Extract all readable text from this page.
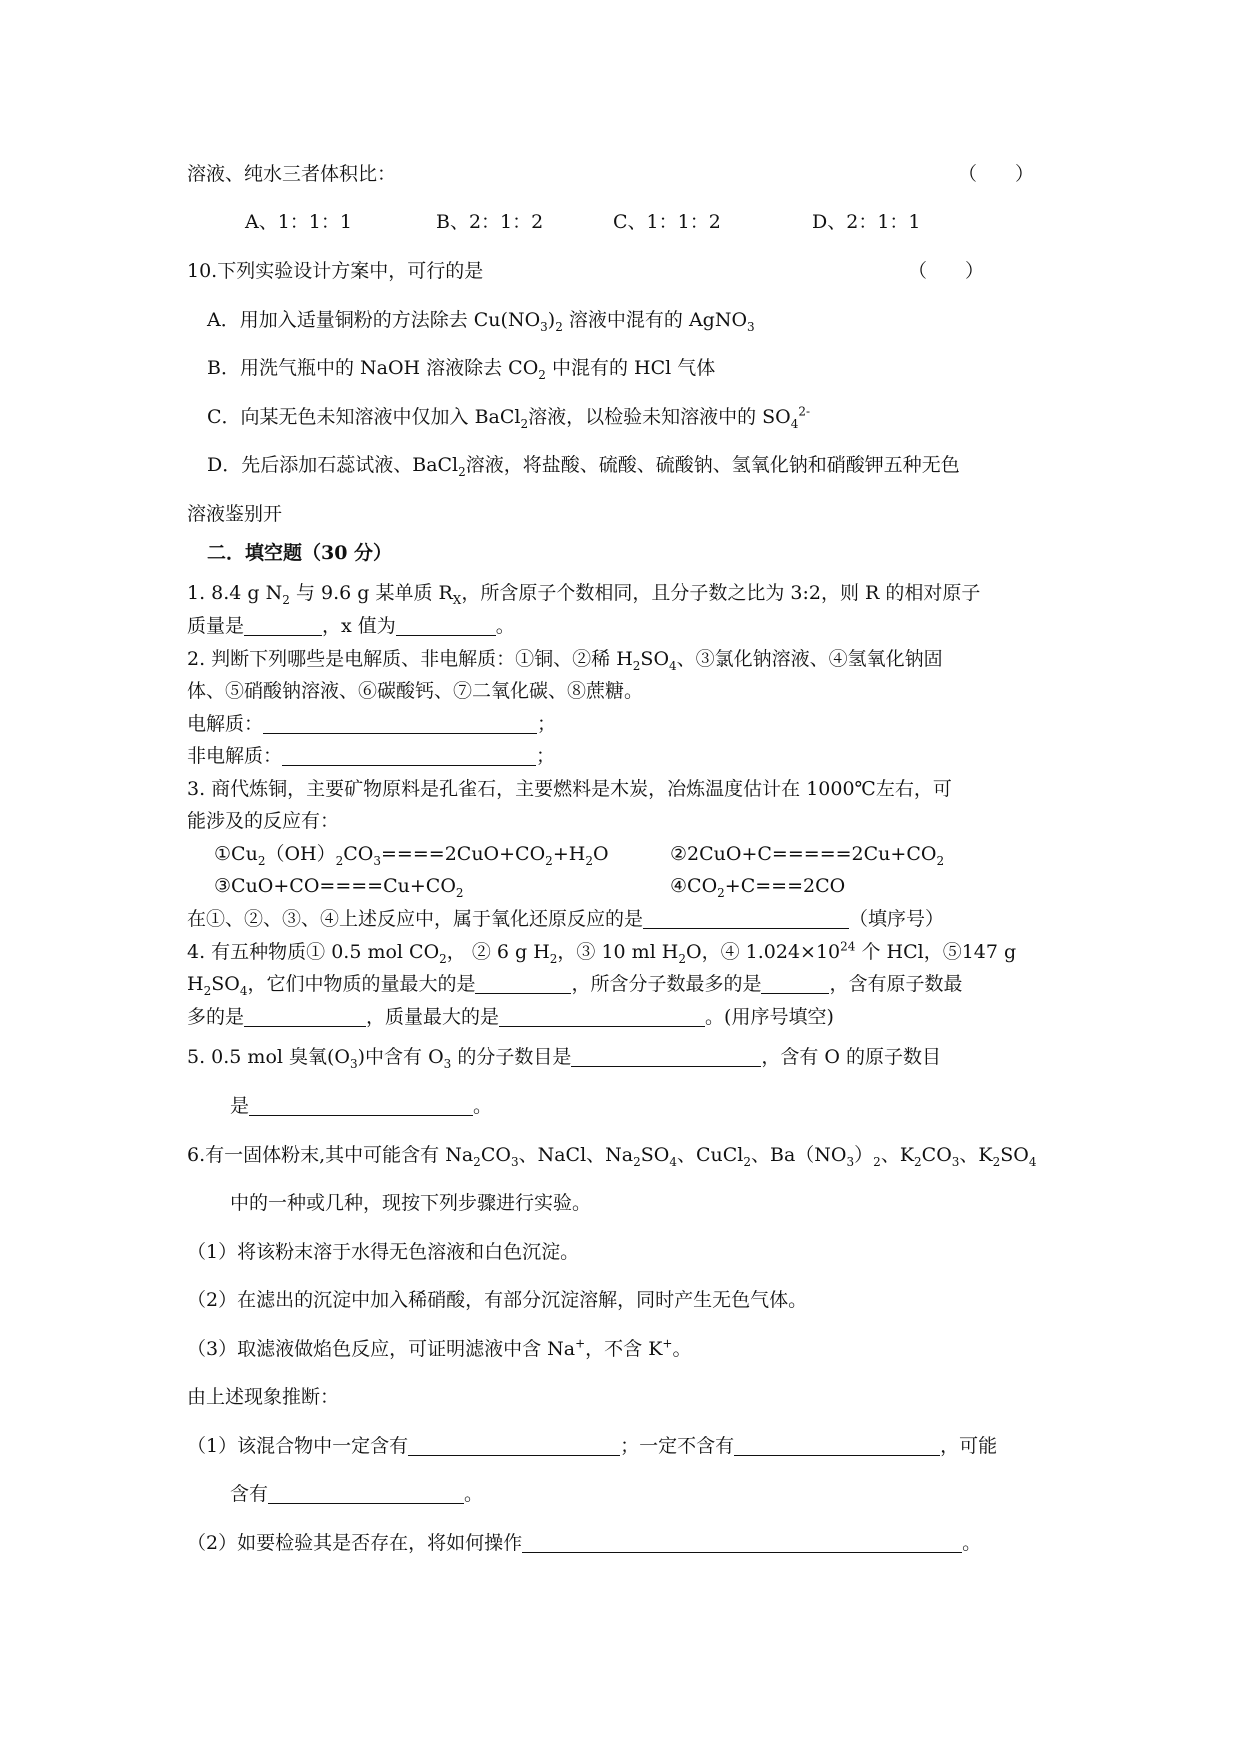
溶液、纯水三者体积比：	（　　）
A、1：1：1	B、2：1：2	C、1：1：2	D、2：1：1
10.下列实验设计方案中，可行的是	（　　）
A．用加入适量铜粉的方法除去 $Cu(NO_3)_2$ 溶液中混有的 AgNO$_3$
B．用洗气瓶中的 NaOH 溶液除去 $CO_2$ 中混有的 HCl 气体
C．向某无色未知溶液中仅加入 BaCl$_2$溶液，以检验未知溶液中的 $SO_4^{2-}$
D．先后添加石蕊试液、BaCl$_2$溶液，将盐酸、硫酸、硫酸钠、氢氧化钠和硝酸钾五种无色
溶液鉴别开
二．填空题（30 分）
1. 8.4 g $N_2$ 与 9.6 g 某单质 $R_X$，所含原子个数相同，且分子数之比为 3:2，则 R 的相对原子
质量是	，x 值为	。
2. 判断下列哪些是电解质、非电解质：①铜、②稀 $H_2SO_4$、③氯化钠溶液、④氢氧化钠固
体、⑤硝酸钠溶液、⑥碳酸钙、⑦二氧化碳、⑧蔗糖。
电解质：	；
非电解质：	；
3. 商代炼铜，主要矿物原料是孔雀石，主要燃料是木炭，冶炼温度估计在 1000℃左右，可
能涉及的反应有：
$①Cu_2(OH)_2CO_3====2CuO+CO_2+H_2O$	$②2CuO+C=====2Cu+CO_2$
$③CuO+CO====Cu+CO_2$	$④CO_2+C===2CO$
在①、②、③、④上述反应中，属于氧化还原反应的是	（填序号）
4. 有五种物质① 0.5 mol $CO_2$， ② 6 g $H_2$，③ 10 ml $H_2O$，④ $1.024\times 10^{24}$ 个 HCl，⑤147 g
$H_2SO_4$，它们中物质的量最大的是	，所含分子数最多的是	，含有原子数最
多的是	，质量最大的是	。(用序号填空)
5. 0.5 mol 臭氧$(O_3)$中含有 $O_3$ 的分子数目是	，含有 O 的原子数目
是	。
6.有一固体粉末,其中可能含有 $Na_2CO_3$、NaCl、$Na_2SO_4$、CuCl$_2$、$Ba(NO_3)_2$、$K_2CO_3$、$K_2SO_4$
中的一种或几种，现按下列步骤进行实验。
（1）将该粉末溶于水得无色溶液和白色沉淀。
（2）在滤出的沉淀中加入稀硝酸，有部分沉淀溶解，同时产生无色气体。
（3）取滤液做焰色反应，可证明滤液中含 Na+，不含 K+。
由上述现象推断：
（1）该混合物中一定含有	；一定不含有	，可能
含有	。
（2）如要检验其是否存在，将如何操作	。
